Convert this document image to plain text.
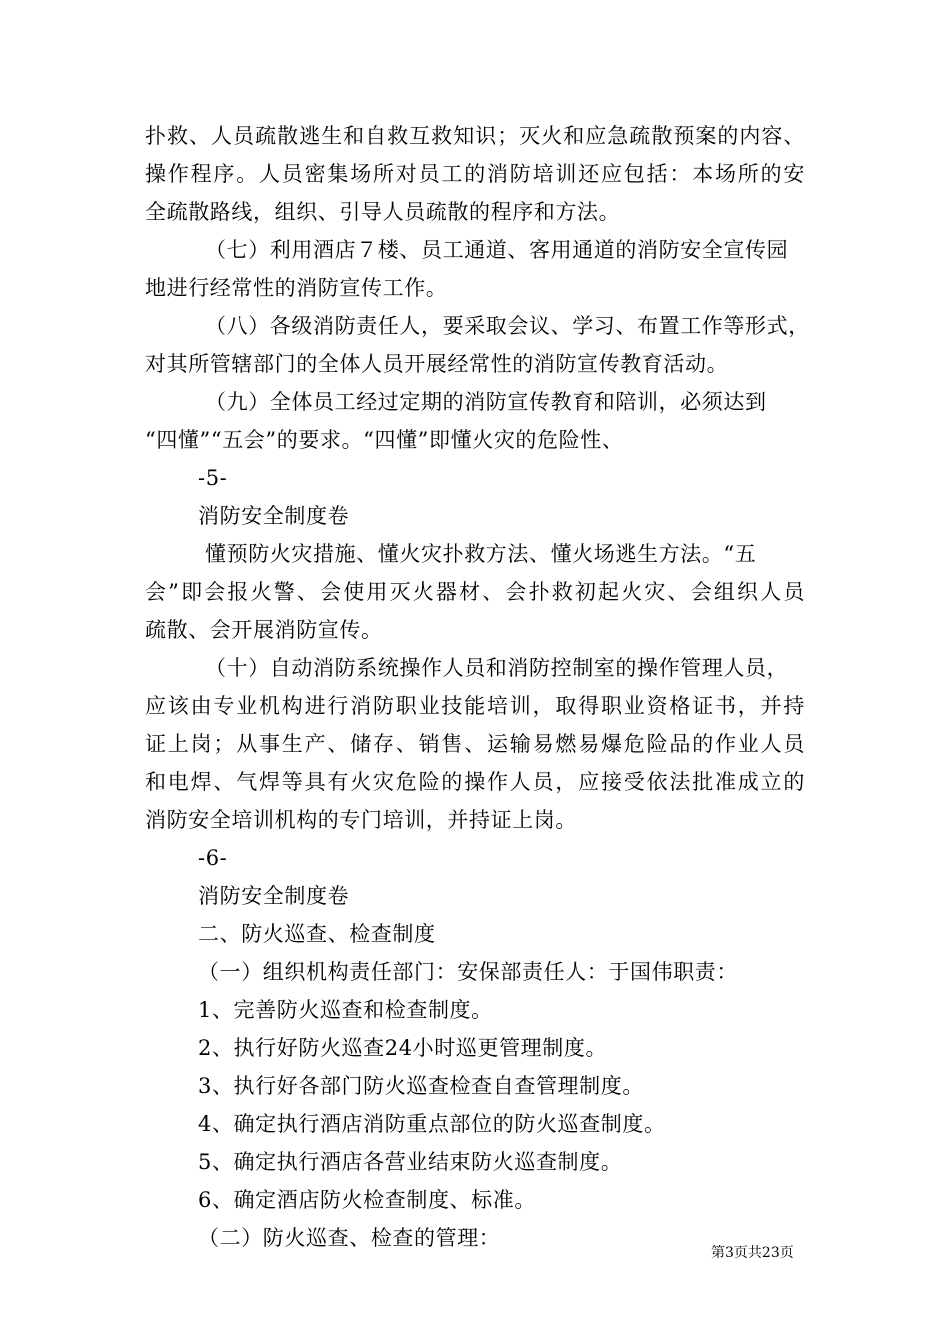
扑救、人员疏散逃生和自救互救知识；灭火和应急疏散预案的内容、

操作程序。人员密集场所对员工的消防培训还应包括：本场所的安

全疏散路线，组织、引导人员疏散的程序和方法。

（七）利用酒店７楼、员工通道、客用通道的消防安全宣传园

地进行经常性的消防宣传工作。

（八）各级消防责任人，要采取会议、学习、布置工作等形式，

对其所管辖部门的全体人员开展经常性的消防宣传教育活动。

（九）全体员工经过定期的消防宣传教育和陪训，必须达到

“四懂”“五会”的要求。“四懂”即懂火灾的危险性、

-5-

消防安全制度卷

懂预防火灾措施、懂火灾扑救方法、懂火场逃生方法。“五

会”即会报火警、会使用灭火器材、会扑救初起火灾、会组织人员

疏散、会开展消防宣传。

（十）自动消防系统操作人员和消防控制室的操作管理人员，

应该由专业机构进行消防职业技能培训，取得职业资格证书，并持

证上岗；从事生产、储存、销售、运输易燃易爆危险品的作业人员

和电焊、气焊等具有火灾危险的操作人员，应接受依法批准成立的

消防安全培训机构的专门培训，并持证上岗。

-6-

消防安全制度卷

二、防火巡查、检查制度

（一）组织机构责任部门：安保部责任人：于国伟职责：

1、完善防火巡查和检查制度。

2、执行好防火巡查24小时巡更管理制度。

3、执行好各部门防火巡查检查自查管理制度。

4、确定执行酒店消防重点部位的防火巡查制度。

5、确定执行酒店各营业结束防火巡查制度。

6、确定酒店防火检查制度、标准。

（二）防火巡查、检查的管理：

第3页共23页
